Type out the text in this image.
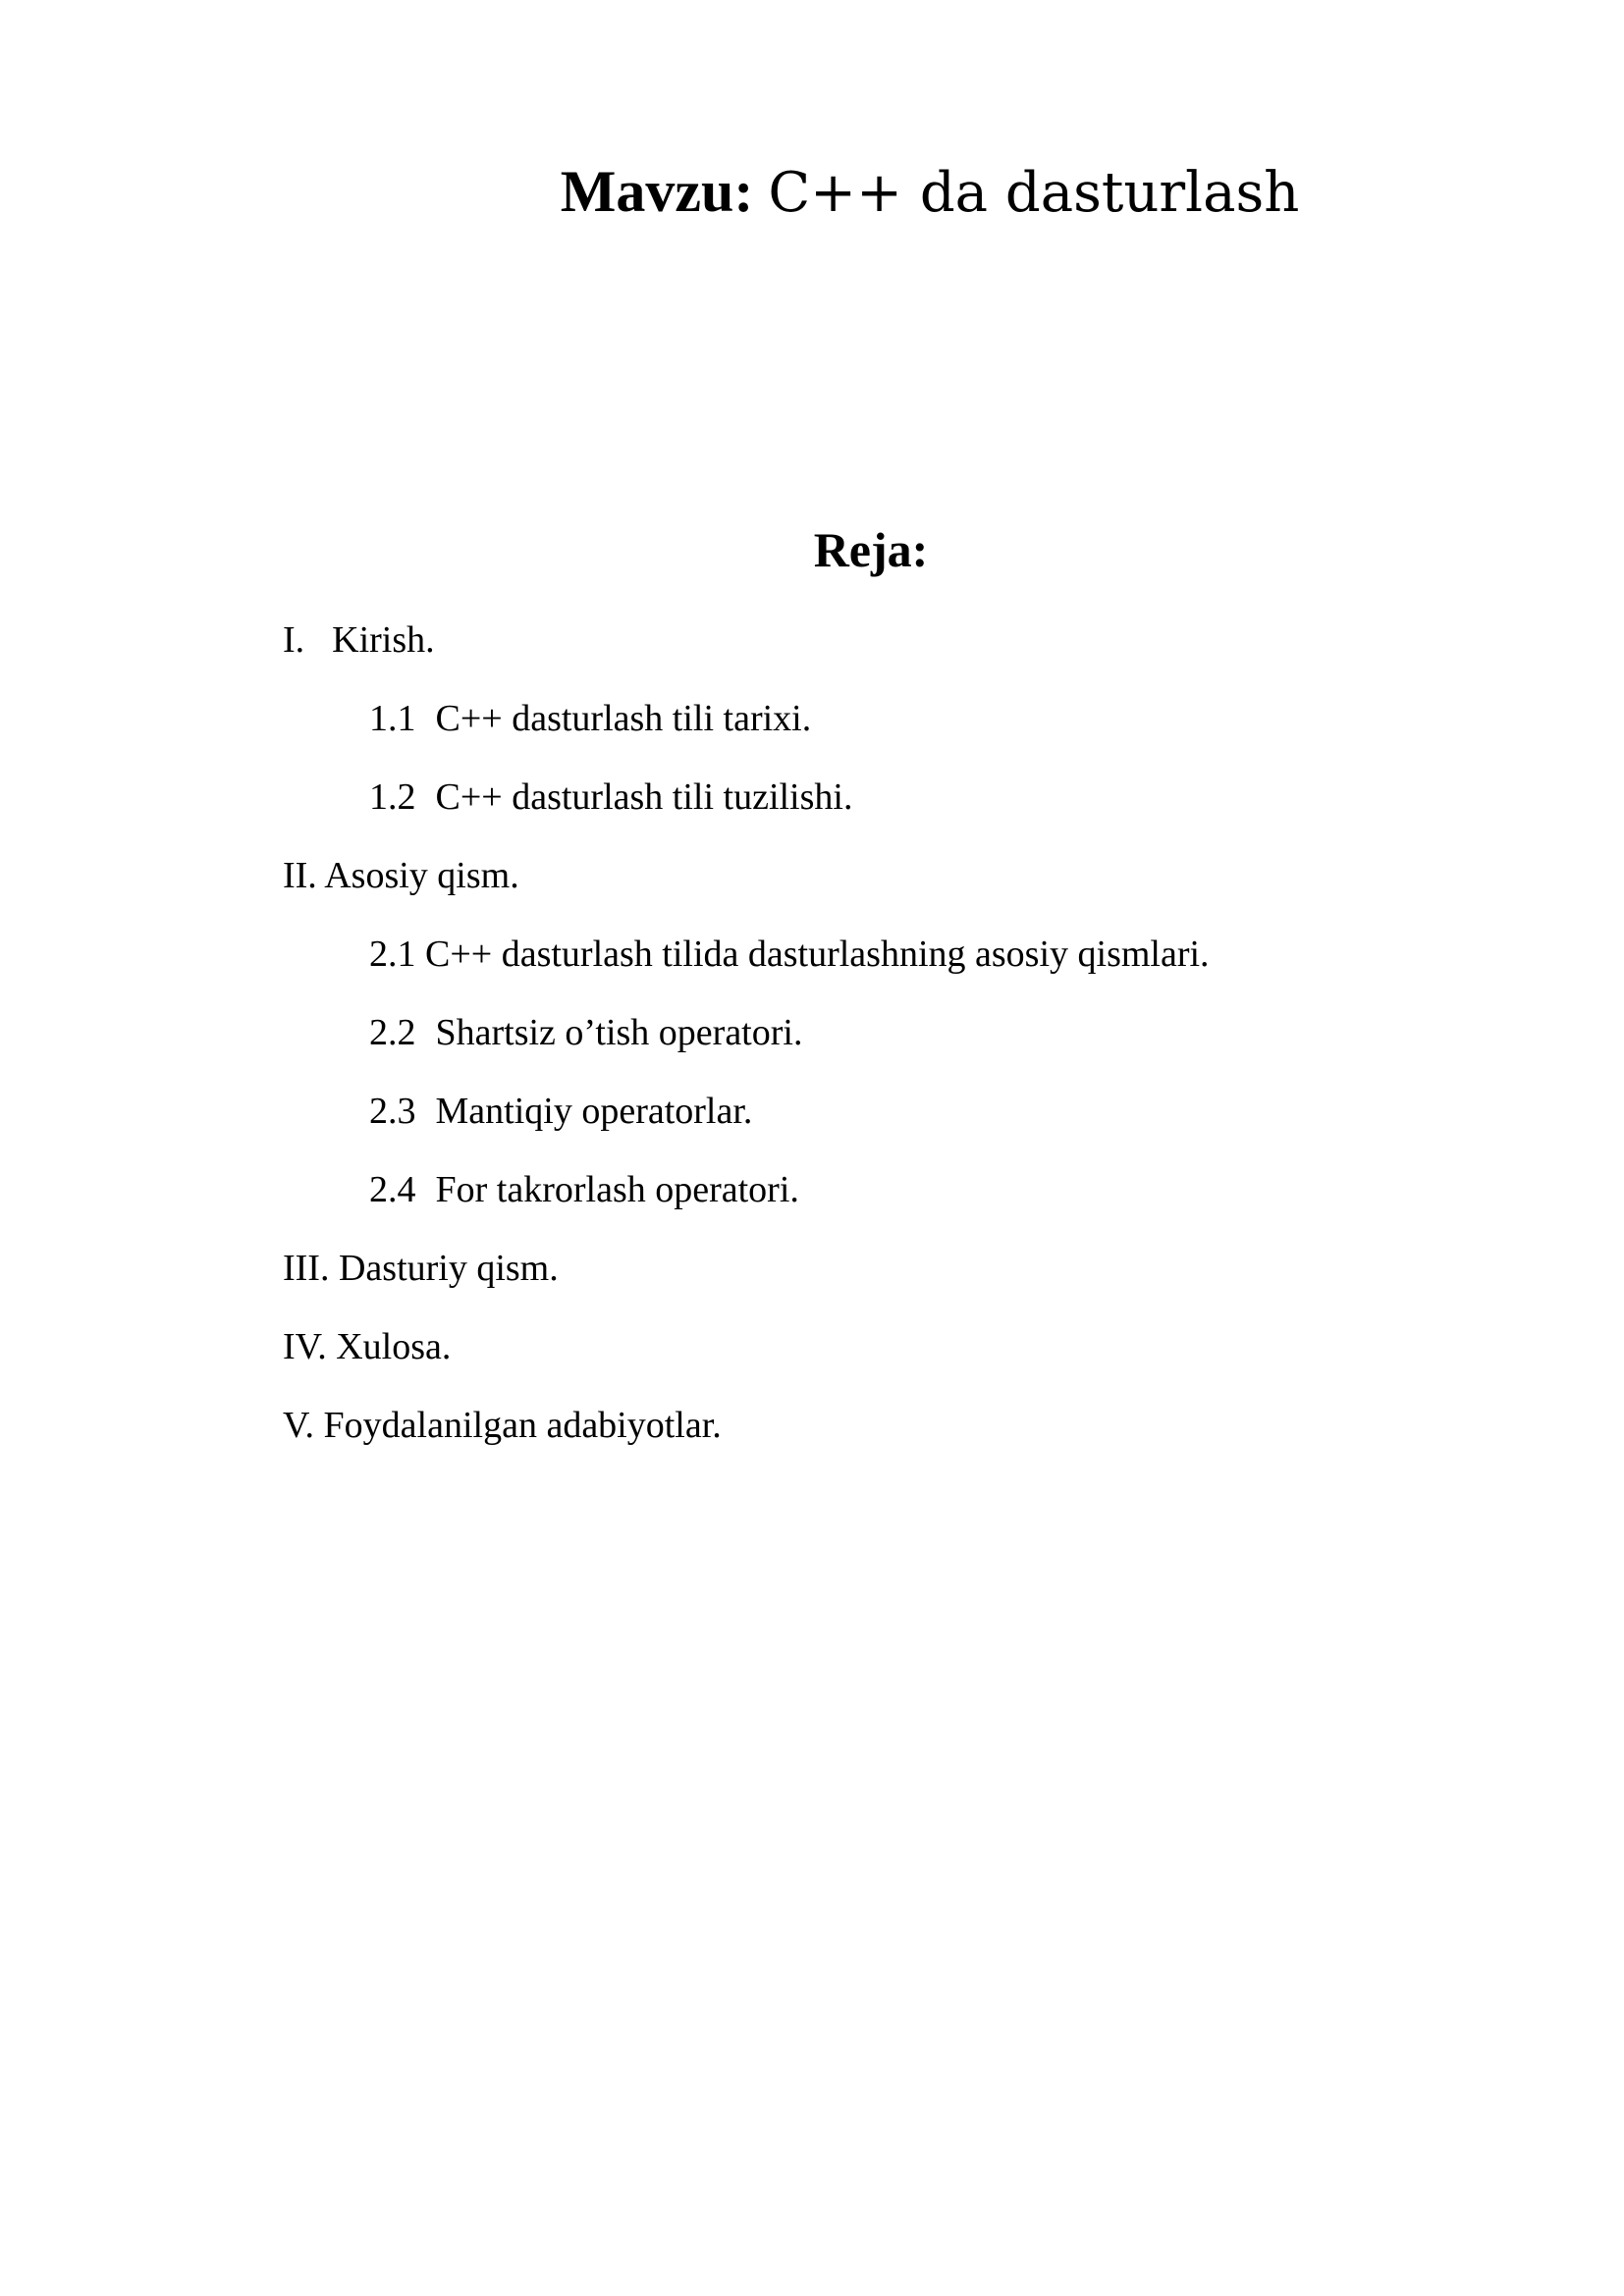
Mavzu: C++ da dasturlash
Reja:
I. Kirish.
1.1 C++ dasturlash tili tarixi.
1.2 C++ dasturlash tili tuzilishi.
II. Asosiy qism.
2.1 C++ dasturlash tilida dasturlashning asosiy qismlari.
2.2 Shartsiz o’tish operatori.
2.3 Mantiqiy operatorlar.
2.4 For takrorlash operatori.
III. Dasturiy qism.
IV. Xulosa.
V. Foydalanilgan adabiyotlar.
